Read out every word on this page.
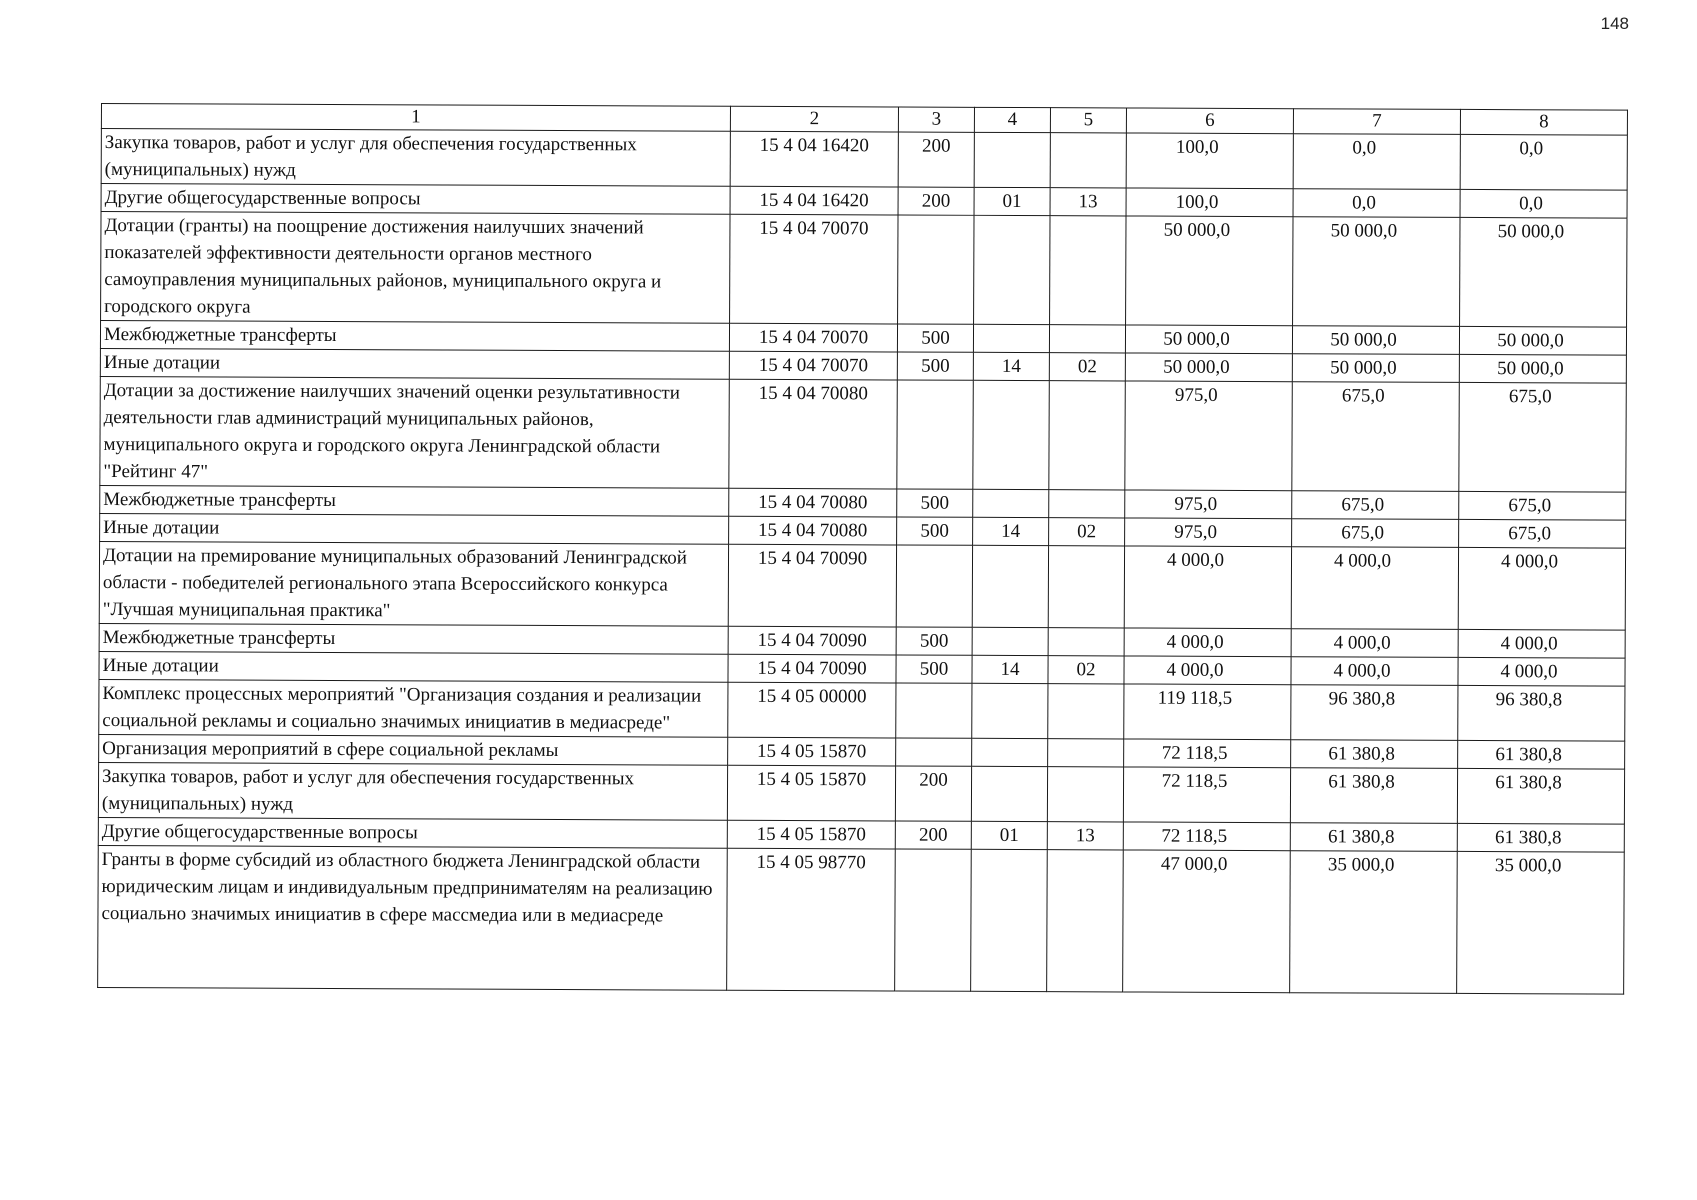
148
1	2	3	4	5	6	7	8
Закупка товаров, работ и услуг для обеспечения государственных (муниципальных) нужд	15 4 04 16420	200			100,0	0,0	0,0
Другие общегосударственные вопросы	15 4 04 16420	200	01	13	100,0	0,0	0,0
Дотации (гранты) на поощрение достижения наилучших значений показателей эффективности деятельности органов местного самоуправления муниципальных районов, муниципального округа и городского округа	15 4 04 70070				50 000,0	50 000,0	50 000,0
Межбюджетные трансферты	15 4 04 70070	500			50 000,0	50 000,0	50 000,0
Иные дотации	15 4 04 70070	500	14	02	50 000,0	50 000,0	50 000,0
Дотации за достижение наилучших значений оценки результативности деятельности глав администраций муниципальных районов, муниципального округа и городского округа Ленинградской области "Рейтинг 47"	15 4 04 70080				975,0	675,0	675,0
Межбюджетные трансферты	15 4 04 70080	500			975,0	675,0	675,0
Иные дотации	15 4 04 70080	500	14	02	975,0	675,0	675,0
Дотации на премирование муниципальных образований Ленинградской области - победителей регионального этапа Всероссийского конкурса "Лучшая муниципальная практика"	15 4 04 70090				4 000,0	4 000,0	4 000,0
Межбюджетные трансферты	15 4 04 70090	500			4 000,0	4 000,0	4 000,0
Иные дотации	15 4 04 70090	500	14	02	4 000,0	4 000,0	4 000,0
Комплекс процессных мероприятий "Организация создания и реализации социальной рекламы и социально значимых инициатив в медиасреде"	15 4 05 00000				119 118,5	96 380,8	96 380,8
Организация мероприятий в сфере социальной рекламы	15 4 05 15870				72 118,5	61 380,8	61 380,8
Закупка товаров, работ и услуг для обеспечения государственных (муниципальных) нужд	15 4 05 15870	200			72 118,5	61 380,8	61 380,8
Другие общегосударственные вопросы	15 4 05 15870	200	01	13	72 118,5	61 380,8	61 380,8
Гранты в форме субсидий из областного бюджета Ленинградской области юридическим лицам и индивидуальным предпринимателям на реализацию социально значимых инициатив в сфере массмедиа или в медиасреде	15 4 05 98770				47 000,0	35 000,0	35 000,0
